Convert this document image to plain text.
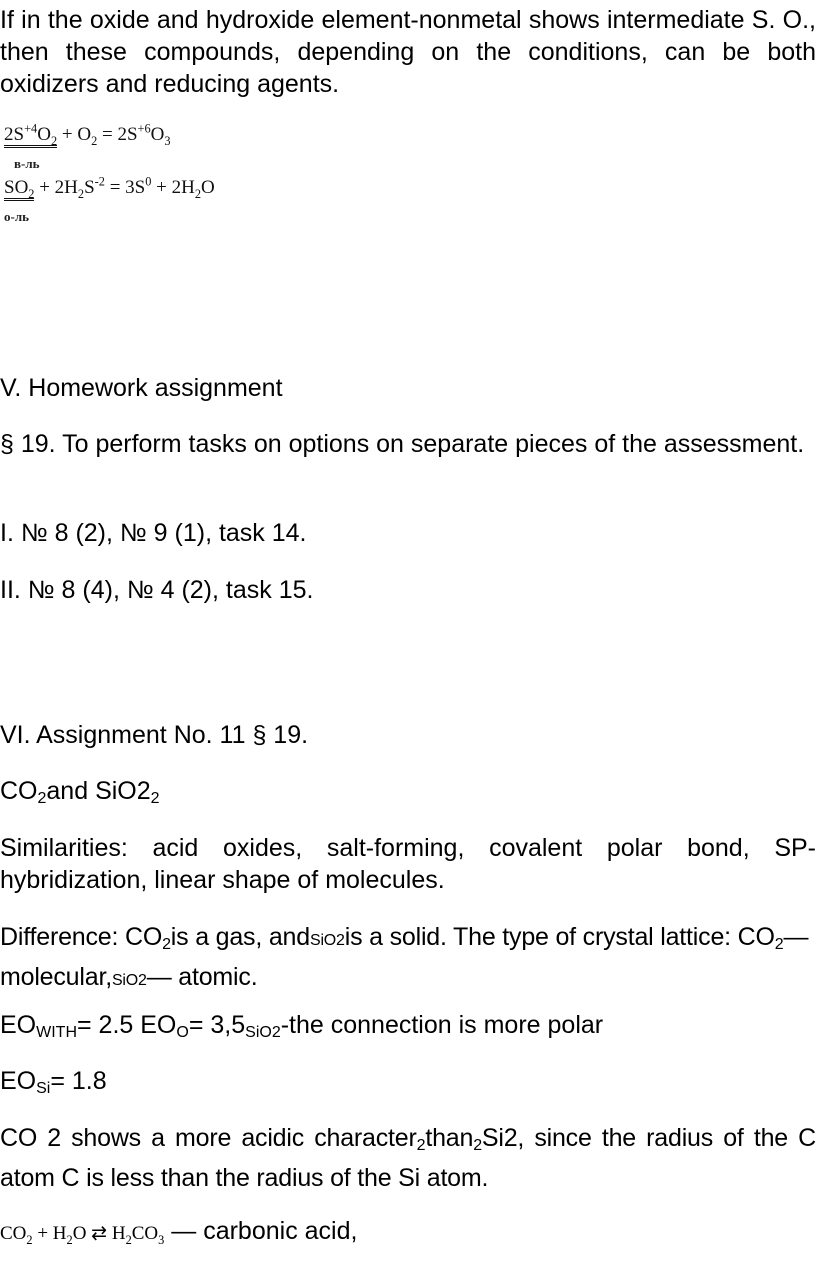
If in the oxide and hydroxide element-nonmetal shows intermediate S. O., then these compounds, depending on the conditions, can be both oxidizers and reducing agents.

$2S^{+4}O_2 + O_2 = 2S^{+6}O_3$
в-ль
$SO_2 + 2H_2S^{-2} = 3S^0 + 2H_2O$
о-ль

V. Homework assignment

§ 19. To perform tasks on options on separate pieces of the assessment.

I. № 8 (2), № 9 (1), task 14.

II. № 8 (4), № 4 (2), task 15.

VI. Assignment No. 11 § 19.

$CO_2and$ $SiO2_2$

Similarities: acid oxides, salt-forming, covalent polar bond, SP-hybridization, linear shape of molecules.

Difference: $CO_2is$ a gas, andSiO2is a solid. The type of crystal lattice: $CO_2—$ molecular,SiO2— atomic.

$EO_{WITH}= 2.5$ $EO_O= 3,5_{SiO2}-the$ connection is more polar

$EO_{Si}= 1.8$

CO 2 shows a more acidic character$_2$than$_2$Si2, since the radius of the C atom C is less than the radius of the Si atom.

$CO_2 + H_2O$ ⇄ $H_2CO_3$ — carbonic acid,
